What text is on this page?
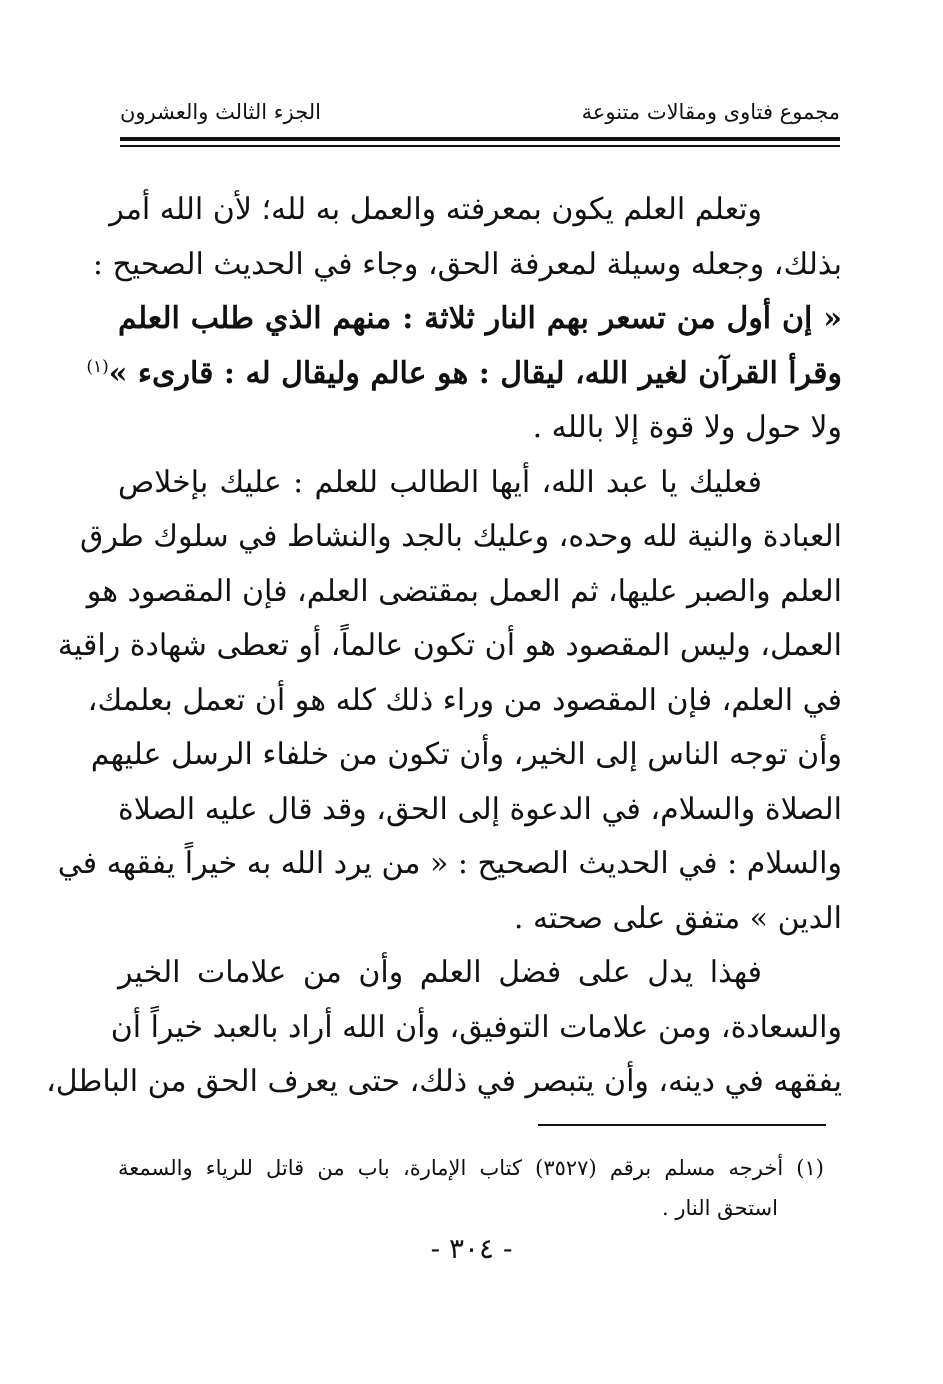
مجموع فتاوى ومقالات متنوعة
الجزء الثالث والعشرون
وتعلم العلم يكون بمعرفته والعمل به لله؛ لأن الله أمر
بذلك، وجعله وسيلة لمعرفة الحق، وجاء في الحديث الصحيح :
« إن أول من تسعر بهم النار ثلاثة : منهم الذي طلب العلم
وقرأ القرآن لغير الله، ليقال : هو عالم وليقال له : قارىء »$^{(١)}$
ولا حول ولا قوة إلا بالله .
فعليك يا عبد الله، أيها الطالب للعلم : عليك بإخلاص
العبادة والنية لله وحده، وعليك بالجد والنشاط في سلوك طرق
العلم والصبر عليها، ثم العمل بمقتضى العلم، فإن المقصود هو
العمل، وليس المقصود هو أن تكون عالماً، أو تعطى شهادة راقية
في العلم، فإن المقصود من وراء ذلك كله هو أن تعمل بعلمك،
وأن توجه الناس إلى الخير، وأن تكون من خلفاء الرسل عليهم
الصلاة والسلام، في الدعوة إلى الحق، وقد قال عليه الصلاة
والسلام : في الحديث الصحيح : « من يرد الله به خيراً يفقهه في
الدين » متفق على صحته .
فهذا يدل على فضل العلم وأن من علامات الخير
والسعادة، ومن علامات التوفيق، وأن الله أراد بالعبد خيراً أن
يفقهه في دينه، وأن يتبصر في ذلك، حتى يعرف الحق من الباطل،
(١) أخرجه مسلم برقم (٣٥٢٧) كتاب الإمارة، باب من قاتل للرياء والسمعة
استحق النار .
- ٣٠٤ -
